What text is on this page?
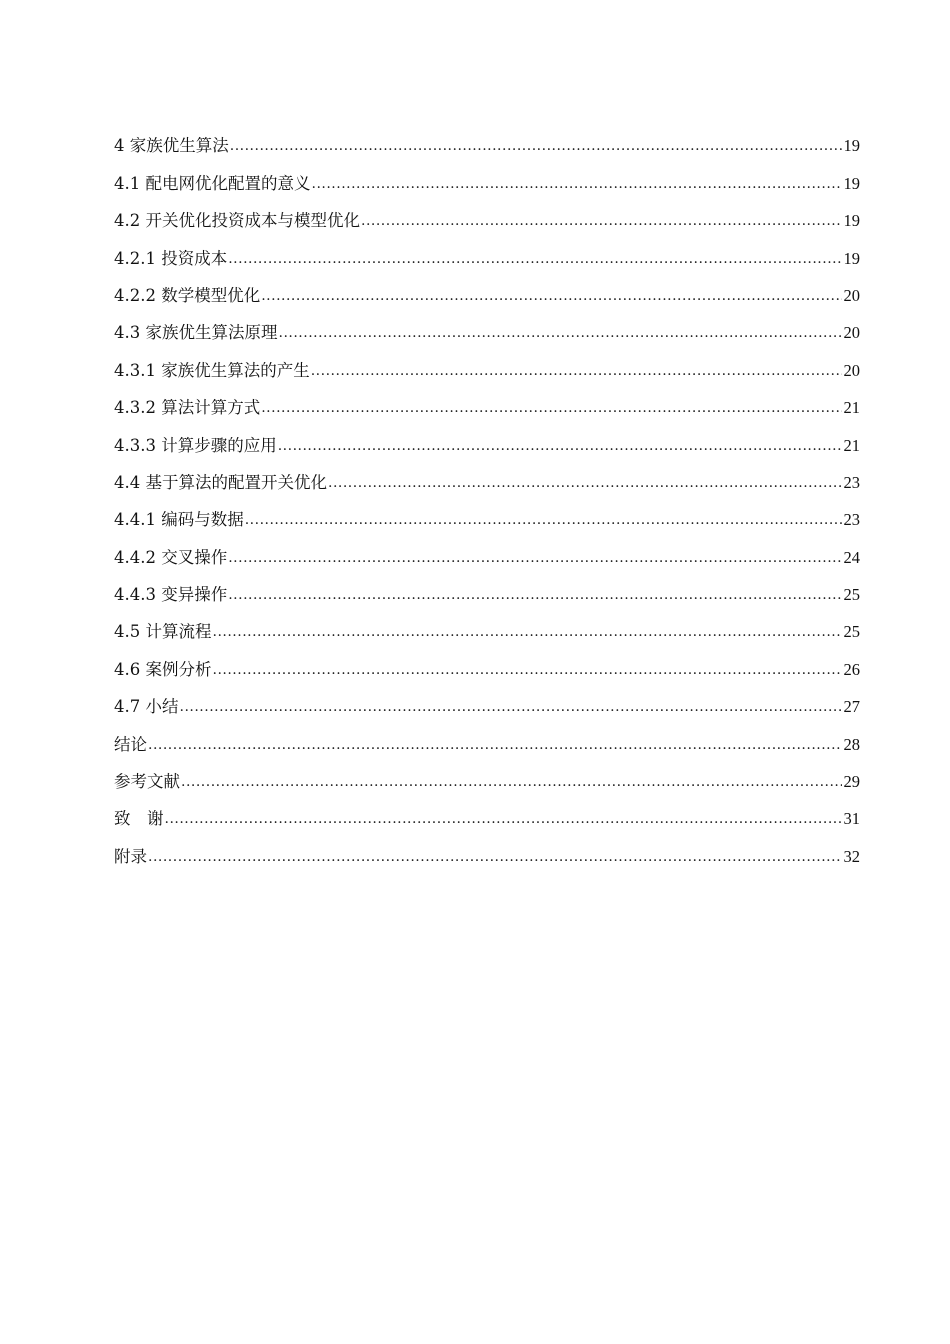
4 家族优生算法 .....	19
4.1 配电网优化配置的意义 .....	19
4.2 开关优化投资成本与模型优化 .....	19
4.2.1 投资成本 .....	19
4.2.2 数学模型优化 .....	20
4.3 家族优生算法原理 .....	20
4.3.1 家族优生算法的产生 .....	20
4.3.2 算法计算方式 .....	21
4.3.3 计算步骤的应用 .....	21
4.4 基于算法的配置开关优化 .....	23
4.4.1 编码与数据 .....	23
4.4.2 交叉操作 .....	24
4.4.3 变异操作 .....	25
4.5 计算流程 .....	25
4.6 案例分析 .....	26
4.7 小结 .....	27
结论 .....	28
参考文献 .....	29
致　谢 .....	31
附录 .....	32
